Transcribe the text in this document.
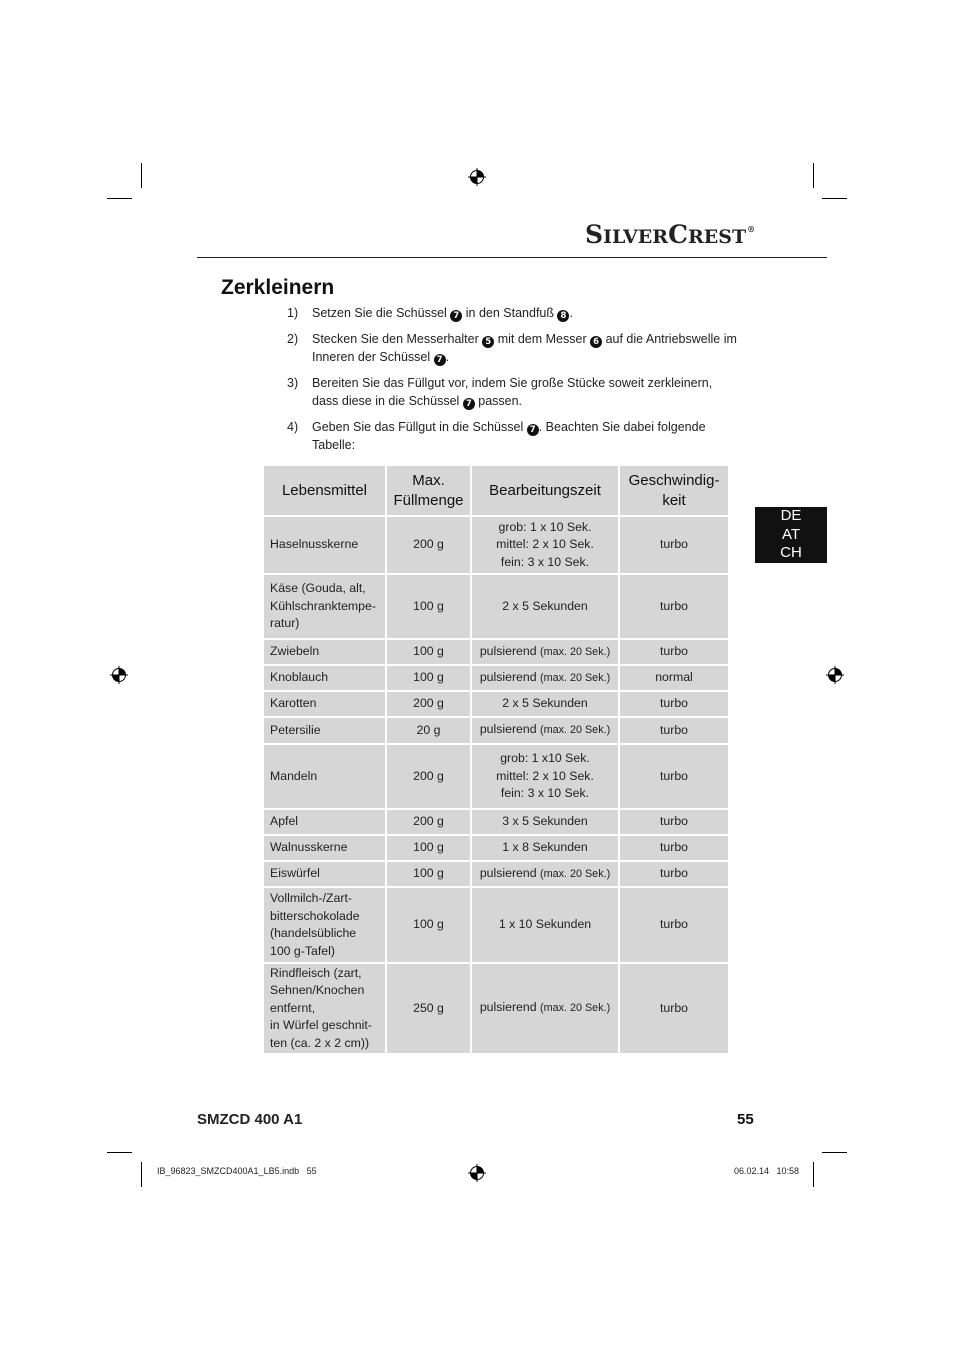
SILVERCREST®
Zerkleinern
1) Setzen Sie die Schüssel 7 in den Standfuß 8 .
2) Stecken Sie den Messerhalter 5 mit dem Messer 6 auf die Antriebswelle im Inneren der Schüssel 7 .
3) Bereiten Sie das Füllgut vor, indem Sie große Stücke soweit zerkleinern, dass diese in die Schüssel 7 passen.
4) Geben Sie das Füllgut in die Schüssel 7 . Beachten Sie dabei folgende Tabelle:
DE
AT
CH
Lebensmittel	Max.
Füllmenge	Bearbeitungszeit	Geschwindig-
keit
Haselnusskerne	200 g	grob: 1 x 10 Sek.
mittel: 2 x 10 Sek.
fein: 3 x 10 Sek.	turbo
Käse (Gouda, alt,
Kühlschranktempe-
ratur)	100 g	2 x 5 Sekunden	turbo
Zwiebeln	100 g	pulsierend (max. 20 Sek.)	turbo
Knoblauch	100 g	pulsierend (max. 20 Sek.)	normal
Karotten	200 g	2 x 5 Sekunden	turbo
Petersilie	20 g	pulsierend (max. 20 Sek.)	turbo
Mandeln	200 g	grob: 1 x10 Sek.
mittel: 2 x 10 Sek.
fein: 3 x 10 Sek.	turbo
Apfel	200 g	3 x 5 Sekunden	turbo
Walnusskerne	100 g	1 x 8 Sekunden	turbo
Eiswürfel	100 g	pulsierend (max. 20 Sek.)	turbo
Vollmilch-/Zart-
bitterschokolade
(handelsübliche
100 g-Tafel)	100 g	1 x 10 Sekunden	turbo
Rindfleisch (zart,
Sehnen/Knochen
entfernt,
in Würfel geschnit-
ten (ca. 2 x 2 cm))	250 g	pulsierend (max. 20 Sek.)	turbo
SMZCD 400 A1	55
IB_96823_SMZCD400A1_LB5.indb   55	06.02.14   10:58
